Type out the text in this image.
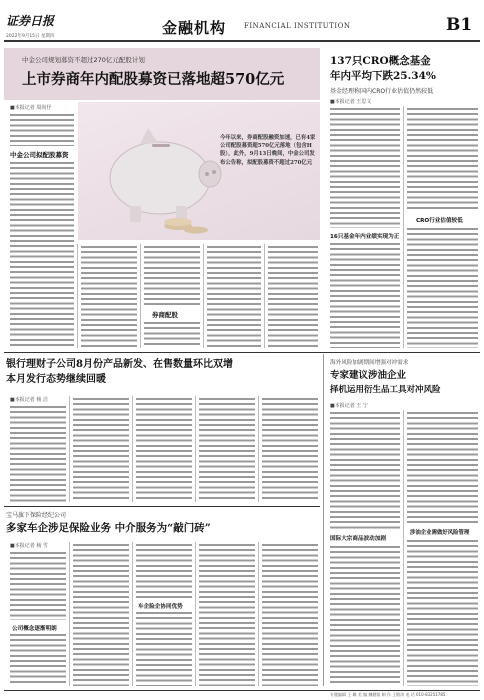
证券日报
2022年9月15日 星期四	金融机构	FINANCIAL INSTITUTION	B1
中金公司规划募资不超过270亿元配股计划
上市券商年内配股募资已落地超570亿元
今年以来，券商配股融资加速，已有4家公司配股募资超570亿元落地（包含H股），此外，9月13日晚间，中金公司发布公告称，拟配股募资不超过270亿元
■本报记者 周尚伃
中金公司拟配股募资
券商配股
137只CRO概念基金
年内平均下跌25.34%
基金经理称国内CRO行业估值仍然较低
■本报记者 王思文
16只基金年内业绩实现为正
CRO行业估值较低
银行理财子公司8月份产品新发、在售数量环比双增
本月发行态势继续回暖
■本报记者 杨 洁
宝马旗下保险经纪公司
多家车企涉足保险业务 中介服务为“敲门砖”
■本报记者 杨 雪
公司概念逐渐明朗
车企险企协同优势
海外风险加剧期间增强对冲需求
专家建议涉油企业
择机运用衍生品工具对冲风险
■本报记者 王 宁
国际大宗商品波动加剧
涉油企业需做好风险管理
专题编辑 王 璐 美 编 魏健骐 制 作 王敬涛 电 话 010-83251785
